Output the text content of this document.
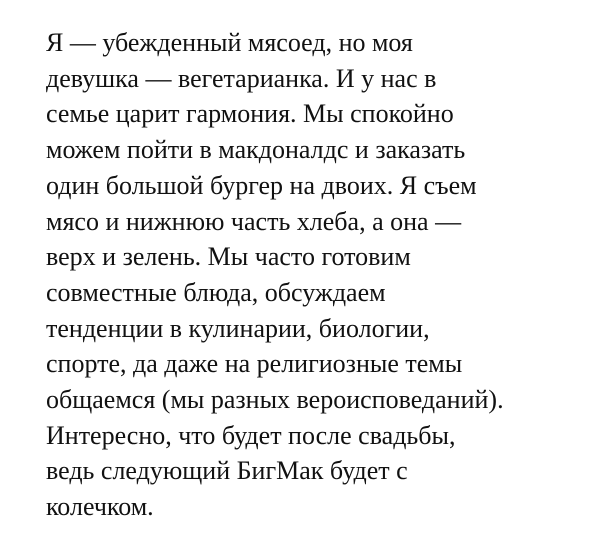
Я — убежденный мясоед, но моя
девушка — вегетарианка. И у нас в
семье царит гармония. Мы спокойно
можем пойти в макдоналдс и заказать
один большой бургер на двоих. Я съем
мясо и нижнюю часть хлеба, а она —
верх и зелень. Мы часто готовим
совместные блюда, обсуждаем
тенденции в кулинарии, биологии,
спорте, да даже на религиозные темы
общаемся (мы разных вероисповеданий).
Интересно, что будет после свадьбы,
ведь следующий БигМак будет с
колечком.
